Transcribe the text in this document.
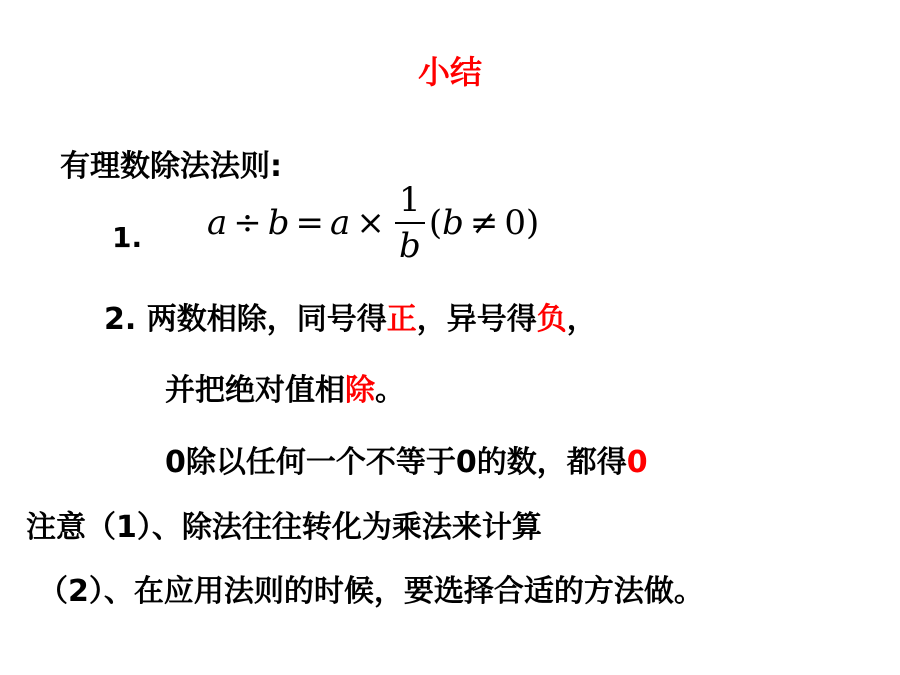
小结
有理数除法法则:
1. $a \div b = a \times \frac{1}{b}$ ( b ≠ 0 )
2. 两数相除，同号得正，异号得负，
并把绝对值相除。
0除以任何一个不等于0的数，都得0
注意（1）、除法往往转化为乘法来计算
（2）、在应用法则的时候，要选择合适的方法做。
